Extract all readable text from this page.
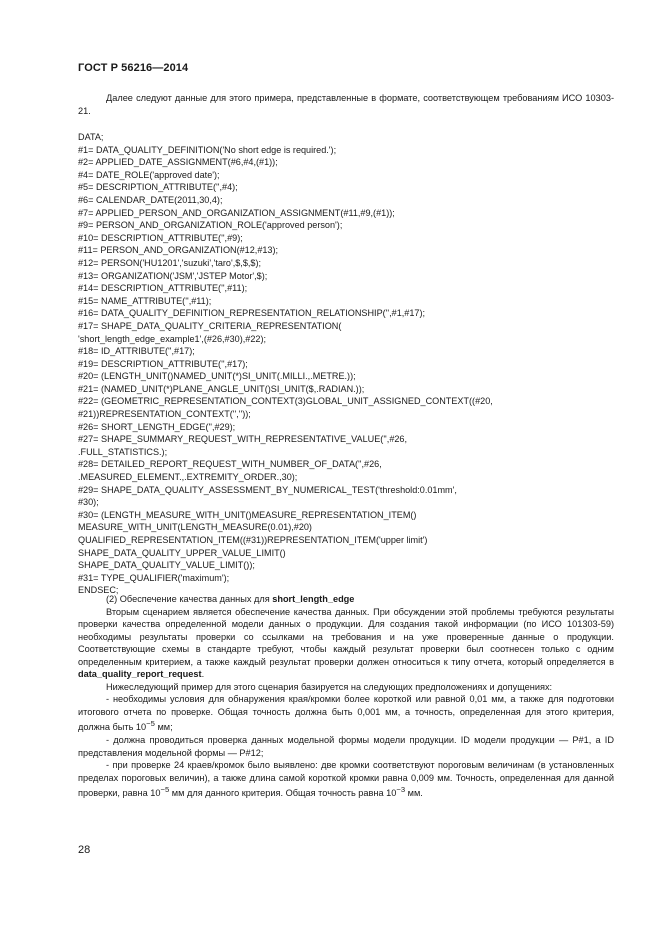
ГОСТ Р 56216—2014

Далее следуют данные для этого примера, представленные в формате, соответствующем требованиям ИСО 10303-21.

DATA;
#1= DATA_QUALITY_DEFINITION('No short edge is required.');
#2= APPLIED_DATE_ASSIGNMENT(#6,#4,(#1));
#4= DATE_ROLE('approved date');
#5= DESCRIPTION_ATTRIBUTE('',#4);
#6= CALENDAR_DATE(2011,30,4);
#7= APPLIED_PERSON_AND_ORGANIZATION_ASSIGNMENT(#11,#9,(#1));
#9= PERSON_AND_ORGANIZATION_ROLE('approved person');
#10= DESCRIPTION_ATTRIBUTE('',#9);
#11= PERSON_AND_ORGANIZATION(#12,#13);
#12= PERSON('HU1201','suzuki','taro',$,$,$);
#13= ORGANIZATION('JSM','JSTEP Motor',$);
#14= DESCRIPTION_ATTRIBUTE('',#11);
#15= NAME_ATTRIBUTE('',#11);
#16= DATA_QUALITY_DEFINITION_REPRESENTATION_RELATIONSHIP('',#1,#17);
#17= SHAPE_DATA_QUALITY_CRITERIA_REPRESENTATION(
'short_length_edge_example1',(#26,#30),#22);
#18= ID_ATTRIBUTE('',#17);
#19= DESCRIPTION_ATTRIBUTE('',#17);
#20= (LENGTH_UNIT()NAMED_UNIT(*)SI_UNIT(.MILLI.,.METRE.));
#21= (NAMED_UNIT(*)PLANE_ANGLE_UNIT()SI_UNIT($,.RADIAN.));
#22= (GEOMETRIC_REPRESENTATION_CONTEXT(3)GLOBAL_UNIT_ASSIGNED_CONTEXT((#20,
#21))REPRESENTATION_CONTEXT('',''));
#26= SHORT_LENGTH_EDGE('',#29);
#27= SHAPE_SUMMARY_REQUEST_WITH_REPRESENTATIVE_VALUE('',#26,
.FULL_STATISTICS.);
#28= DETAILED_REPORT_REQUEST_WITH_NUMBER_OF_DATA('',#26,
.MEASURED_ELEMENT.,.EXTREMITY_ORDER.,30);
#29= SHAPE_DATA_QUALITY_ASSESSMENT_BY_NUMERICAL_TEST('threshold:0.01mm',
#30);
#30= (LENGTH_MEASURE_WITH_UNIT()MEASURE_REPRESENTATION_ITEM()
MEASURE_WITH_UNIT(LENGTH_MEASURE(0.01),#20)
QUALIFIED_REPRESENTATION_ITEM((#31))REPRESENTATION_ITEM('upper limit')
SHAPE_DATA_QUALITY_UPPER_VALUE_LIMIT()
SHAPE_DATA_QUALITY_VALUE_LIMIT());
#31= TYPE_QUALIFIER('maximum');
ENDSEC;

(2) Обеспечение качества данных для short_length_edge

Вторым сценарием является обеспечение качества данных. При обсуждении этой проблемы требуются результаты проверки качества определенной модели данных о продукции. Для создания такой информации (по ИСО 101303-59) необходимы результаты проверки со ссылками на требования и на уже проверенные данные о продукции. Соответствующие схемы в стандарте требуют, чтобы каждый результат проверки был соотнесен только с одним определенным критерием, а также каждый результат проверки должен относиться к типу отчета, который определяется в data_quality_report_request.

Нижеследующий пример для этого сценария базируется на следующих предположениях и допущениях:

- необходимы условия для обнаружения края/кромки более короткой или равной 0,01 мм, а также для подготовки итогового отчета по проверке. Общая точность должна быть 0,001 мм, а точность, определенная для этого критерия, должна быть $10^{-5}$ мм;

- должна проводиться проверка данных модельной формы модели продукции. ID модели продукции — P#1, а ID представления модельной формы — P#12;

- при проверке 24 краев/кромок было выявлено: две кромки соответствуют пороговым величинам (в установленных пределах пороговых величин), а также длина самой короткой кромки равна 0,009 мм. Точность, определенная для данной проверки, равна $10^{-5}$ мм для данного критерия. Общая точность равна $10^{-3}$ мм.

28
